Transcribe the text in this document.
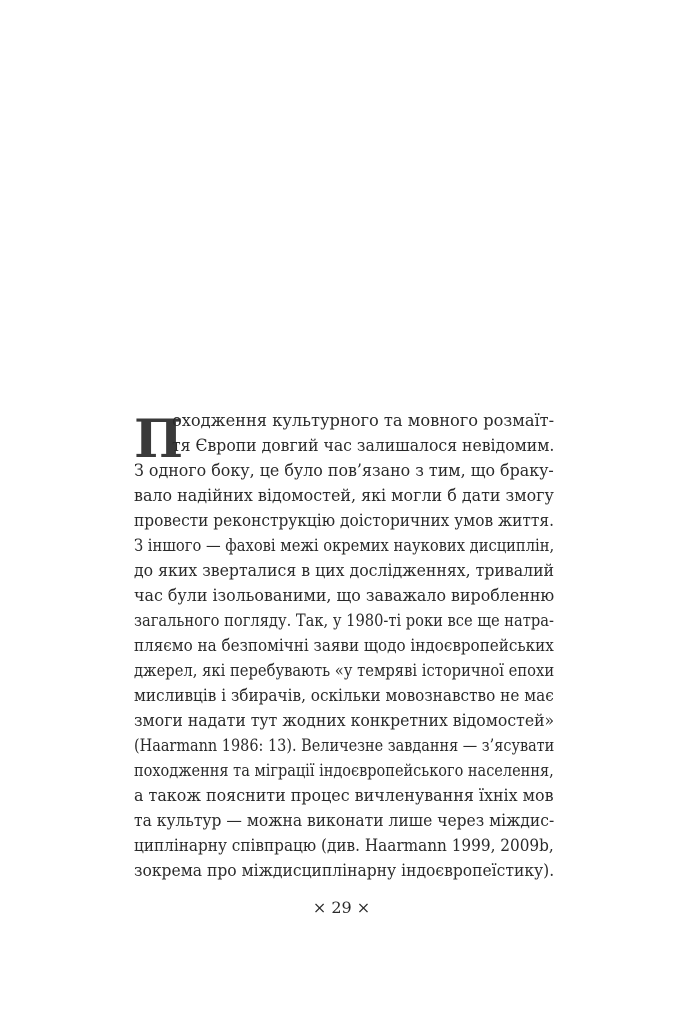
П
оходження культурного та мовного розмаїт-
тя Європи довгий час залишалося невідомим.
З одного боку, це було пов’язано з тим, що браку-
вало надійних відомостей, які могли б дати змогу
провести реконструкцію доісторичних умов життя.
З іншого — фахові межі окремих наукових дисциплін,
до яких зверталися в цих дослідженнях, тривалий
час були ізольованими, що заважало виробленню
загального погляду. Так, у 1980-ті роки все ще натра-
пляємо на безпомічні заяви щодо індоєвропейських
джерел, які перебувають «у темряві історичної епохи
мисливців і збирачів, оскільки мовознавство не має
змоги надати тут жодних конкретних відомостей»
(Haarmann 1986: 13). Величезне завдання — з’ясувати
походження та міграції індоєвропейського населення,
а також пояснити процес вичленування їхніх мов
та культур — можна виконати лише через міждис-
циплінарну співпрацю (див. Haarmann 1999, 2009b,
зокрема про міждисциплінарну індоєвропеїстику).
× 29 ×
